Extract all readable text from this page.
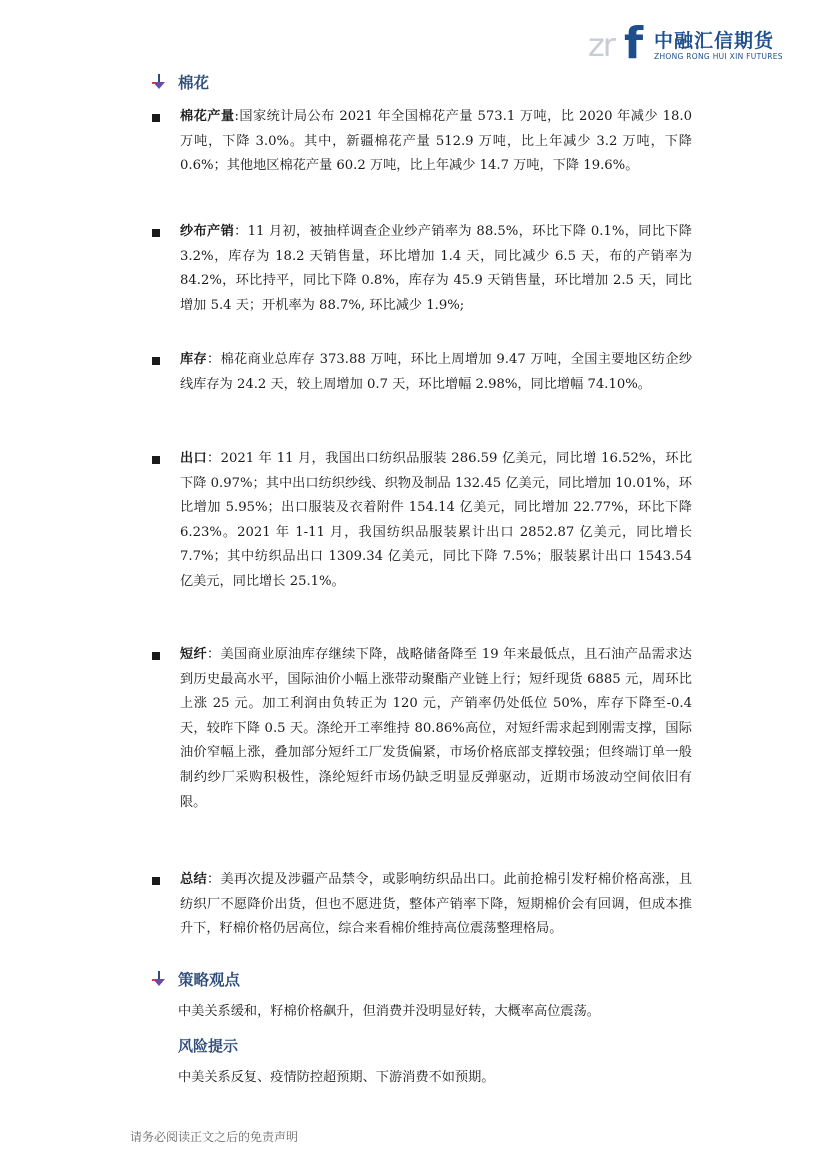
zr f 中融汇信期货
ZHONG RONG HUI XIN FUTURES
棉花
棉花产量:国家统计局公布 2021 年全国棉花产量 573.1 万吨，比 2020 年减少 18.0 万吨，下降 3.0%。其中，新疆棉花产量 512.9 万吨，比上年减少 3.2 万吨，下降 0.6%；其他地区棉花产量 60.2 万吨，比上年减少 14.7 万吨，下降 19.6%。
纱布产销：11 月初，被抽样调查企业纱产销率为 88.5%，环比下降 0.1%，同比下降 3.2%，库存为 18.2 天销售量，环比增加 1.4 天，同比减少 6.5 天，布的产销率为 84.2%，环比持平，同比下降 0.8%，库存为 45.9 天销售量，环比增加 2.5 天，同比增加 5.4 天；开机率为 88.7%, 环比减少 1.9%;
库存：棉花商业总库存 373.88 万吨，环比上周增加 9.47 万吨，全国主要地区纺企纱线库存为 24.2 天，较上周增加 0.7 天，环比增幅 2.98%，同比增幅 74.10%。
出口：2021 年 11 月，我国出口纺织品服装 286.59 亿美元，同比增 16.52%，环比下降 0.97%；其中出口纺织纱线、织物及制品 132.45 亿美元，同比增加 10.01%，环比增加 5.95%；出口服装及衣着附件 154.14 亿美元，同比增加 22.77%，环比下降 6.23%。2021 年 1-11 月，我国纺织品服装累计出口 2852.87 亿美元，同比增长 7.7%；其中纺织品出口 1309.34 亿美元，同比下降 7.5%；服装累计出口 1543.54 亿美元，同比增长 25.1%。
短纤：美国商业原油库存继续下降，战略储备降至 19 年来最低点，且石油产品需求达到历史最高水平，国际油价小幅上涨带动聚酯产业链上行；短纤现货 6885 元，周环比上涨 25 元。加工利润由负转正为 120 元，产销率仍处低位 50%，库存下降至-0.4 天，较昨下降 0.5 天。涤纶开工率维持 80.86%高位，对短纤需求起到刚需支撑，国际油价窄幅上涨，叠加部分短纤工厂发货偏紧，市场价格底部支撑较强；但终端订单一般制约纱厂采购积极性，涤纶短纤市场仍缺乏明显反弹驱动，近期市场波动空间依旧有限。
总结：美再次提及涉疆产品禁令，或影响纺织品出口。此前抢棉引发籽棉价格高涨，且纺织厂不愿降价出货，但也不愿进货，整体产销率下降，短期棉价会有回调，但成本推升下，籽棉价格仍居高位，综合来看棉价维持高位震荡整理格局。
策略观点
中美关系缓和，籽棉价格飙升，但消费并没明显好转，大概率高位震荡。
风险提示
中美关系反复、疫情防控超预期、下游消费不如预期。
请务必阅读正文之后的免责声明
